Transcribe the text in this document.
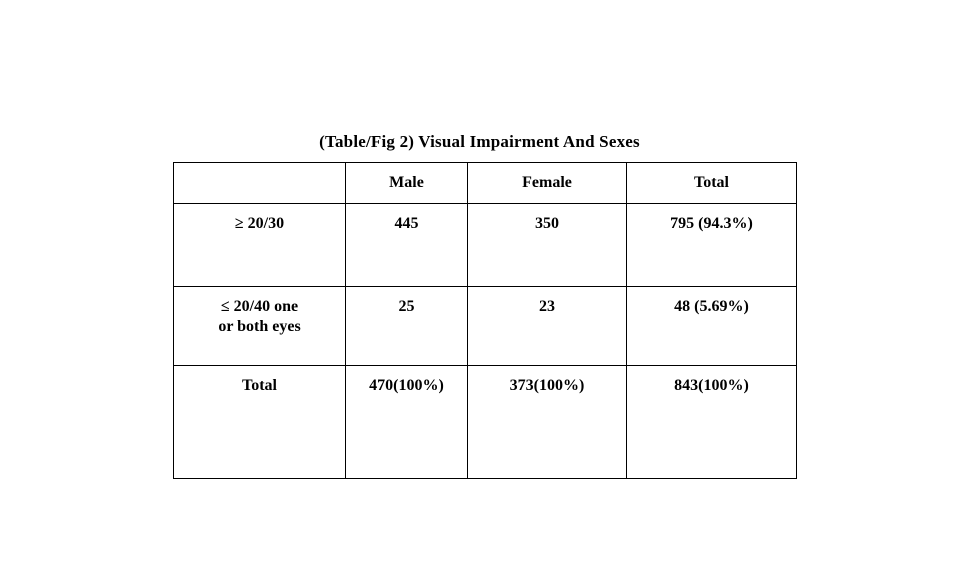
(Table/Fig 2) Visual Impairment And Sexes
	Male	Female	Total
≥ 20/30	445	350	795 (94.3%)
≤ 20/40 one
or both eyes	25	23	48 (5.69%)
Total	470(100%)	373(100%)	843(100%)
